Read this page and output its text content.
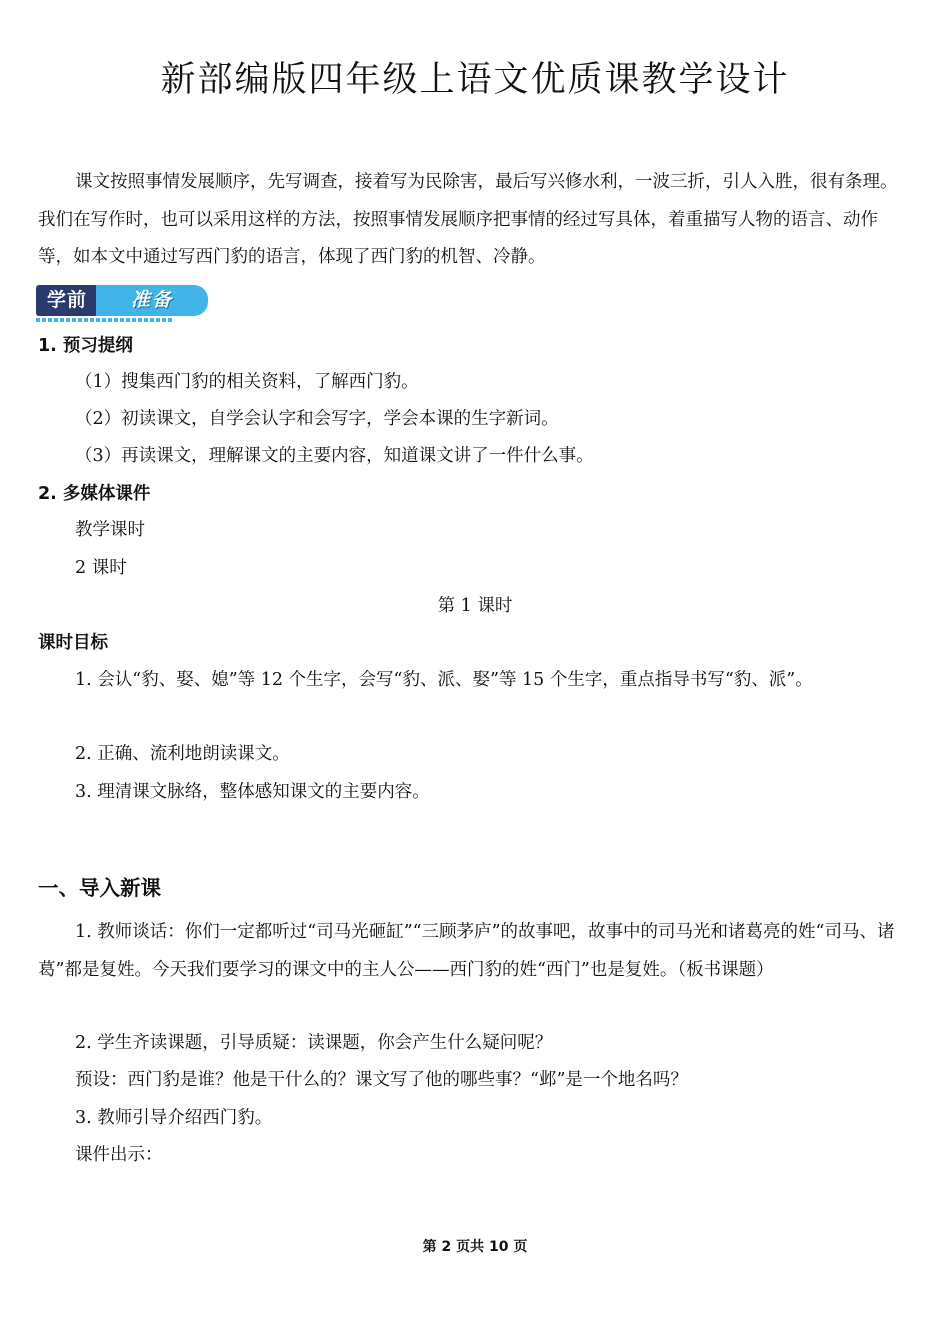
新部编版四年级上语文优质课教学设计

课文按照事情发展顺序，先写调查，接着写为民除害，最后写兴修水利，一波三折，引人入胜，很有条理。我们在写作时，也可以采用这样的方法，按照事情发展顺序把事情的经过写具体，着重描写人物的语言、动作等，如本文中通过写西门豹的语言，体现了西门豹的机智、冷静。

学前	准备
1. 预习提纲
（1）搜集西门豹的相关资料，了解西门豹。
（2）初读课文，自学会认字和会写字，学会本课的生字新词。
（3）再读课文，理解课文的主要内容，知道课文讲了一件什么事。
2. 多媒体课件
教学课时
2 课时
第 1 课时
课时目标

1. 会认“豹、娶、媳”等 12 个生字，会写“豹、派、娶”等 15 个生字，重点指导书写“豹、派”。

2. 正确、流利地朗读课文。
3. 理清课文脉络，整体感知课文的主要内容。
一、导入新课

1. 教师谈话：你们一定都听过“司马光砸缸”“三顾茅庐”的故事吧，故事中的司马光和诸葛亮的姓“司马、诸葛”都是复姓。今天我们要学习的课文中的主人公——西门豹的姓“西门”也是复姓。（板书课题）

2. 学生齐读课题，引导质疑：读课题，你会产生什么疑问呢？
预设：西门豹是谁？他是干什么的？课文写了他的哪些事？“邺”是一个地名吗？
3. 教师引导介绍西门豹。
课件出示：
第 2 页共 10 页
